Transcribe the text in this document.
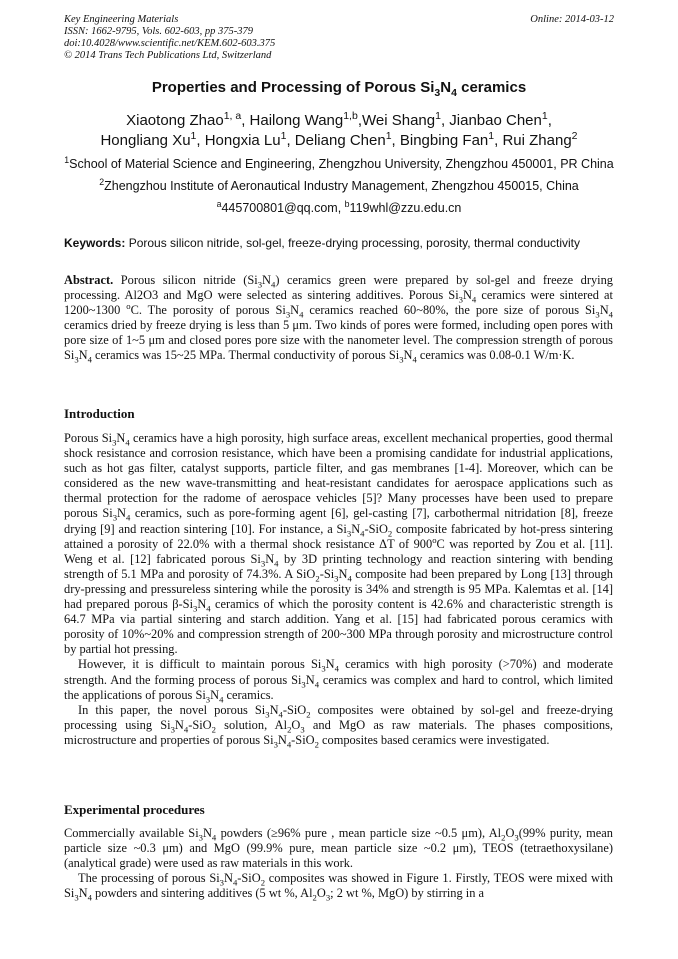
Key Engineering Materials
ISSN: 1662-9795, Vols. 602-603, pp 375-379
doi:10.4028/www.scientific.net/KEM.602-603.375
© 2014 Trans Tech Publications Ltd, Switzerland
Online: 2014-03-12
Properties and Processing of Porous $Si_3N_4$ ceramics
Xiaotong Zhao$^{1, a}$, Hailong Wang$^{1,b}$,Wei Shang$^1$, Jianbao Chen$^1$,
Hongliang Xu$^1$, Hongxia Lu$^1$, Deliang Chen$^1$, Bingbing Fan$^1$, Rui Zhang$^2$
$^1$School of Material Science and Engineering, Zhengzhou University, Zhengzhou 450001, PR China
$^2$Zhengzhou Institute of Aeronautical Industry Management, Zhengzhou 450015, China
$^a$445700801@qq.com, $^b$119whl@zzu.edu.cn
Keywords: Porous silicon nitride, sol-gel, freeze-drying processing, porosity, thermal conductivity

Abstract. Porous silicon nitride $(Si_3N_4)$ ceramics green were prepared by sol-gel and freeze drying processing. Al2O3 and MgO were selected as sintering additives. Porous $Si_3N_4$ ceramics were sintered at 1200~1300 $^o$C. The porosity of porous $Si_3N_4$ ceramics reached 60~80%, the pore size of porous $Si_3N_4$ ceramics dried by freeze drying is less than 5 μm. Two kinds of pores were formed, including open pores with pore size of 1~5 μm and closed pores pore size with the nanometer level. The compression strength of porous $Si_3N_4$ ceramics was 15~25 MPa. Thermal conductivity of porous $Si_3N_4$ ceramics was 0.08-0.1 W/m·K.

Introduction

Porous $Si_3N_4$ ceramics have a high porosity, high surface areas, excellent mechanical properties, good thermal shock resistance and corrosion resistance, which have been a promising candidate for industrial applications, such as hot gas filter, catalyst supports, particle filter, and gas membranes [1-4]. Moreover, which can be considered as the new wave-transmitting and heat-resistant candidates for aerospace applications such as thermal protection for the radome of aerospace vehicles [5]? Many processes have been used to prepare porous $Si_3N_4$ ceramics, such as pore-forming agent [6], gel-casting [7], carbothermal nitridation [8], freeze drying [9] and reaction sintering [10]. For instance, a $Si_3N_4-SiO_2$ composite fabricated by hot-press sintering attained a porosity of 22.0% with a thermal shock resistance ΔT of 900$^o$C was reported by Zou et al. [11]. Weng et al. [12] fabricated porous $Si_3N_4$ by 3D printing technology and reaction sintering with bending strength of 5.1 MPa and porosity of 74.3%. A $SiO_2-Si_3N_4$ composite had been prepared by Long [13] through dry-pressing and pressureless sintering while the porosity is 34% and strength is 95 MPa. Kalemtas et al. [14] had prepared porous $\beta-Si_3N_4$ ceramics of which the porosity content is 42.6% and characteristic strength is 64.7 MPa via partial sintering and starch addition. Yang et al. [15] had fabricated porous ceramics with porosity of 10%~20% and compression strength of 200~300 MPa through porosity and microstructure control by partial hot pressing.

However, it is difficult to maintain porous $Si_3N_4$ ceramics with high porosity (>70%) and moderate strength. And the forming process of porous $Si_3N_4$ ceramics was complex and hard to control, which limited the applications of porous $Si_3N_4$ ceramics.

In this paper, the novel porous $Si_3N_4-SiO_2$ composites were obtained by sol-gel and freeze-drying processing using $Si_3N_4-SiO_2$ solution, $Al_2O_3$ and MgO as raw materials. The phases compositions, microstructure and properties of porous $Si_3N_4-SiO_2$ composites based ceramics were investigated.

Experimental procedures

Commercially available $Si_3N_4$ powders (≥96% pure , mean particle size ~0.5 μm), $Al_2O_3(99\%$ purity, mean particle size ~0.3 μm) and MgO (99.9% pure, mean particle size ~0.2 μm), TEOS (tetraethoxysilane) (analytical grade) were used as raw materials in this work.

The processing of porous $Si_3N_4-SiO_2$ composites was showed in Figure 1. Firstly, TEOS were mixed with $Si_3N_4$ powders and sintering additives (5 wt %, $Al_2O_3$; 2 wt %, MgO) by stirring in a
